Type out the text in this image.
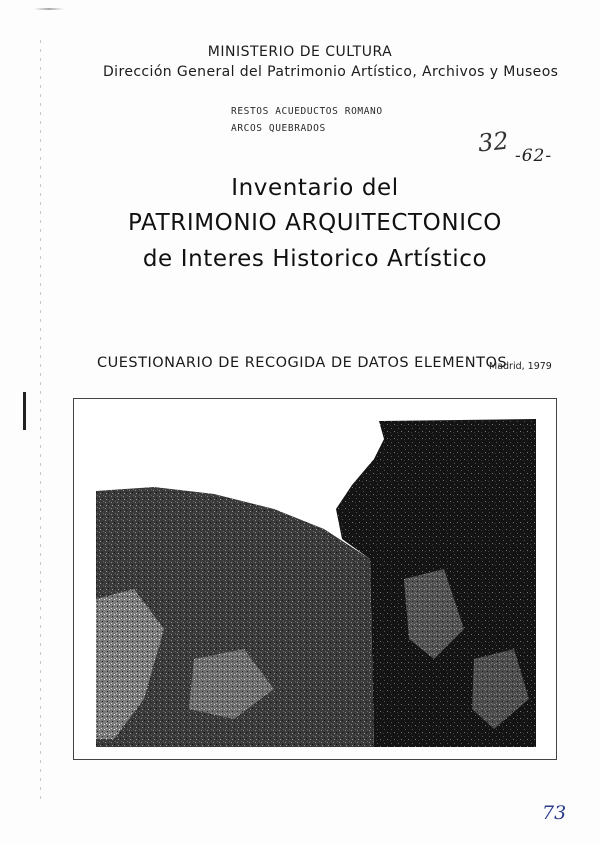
MINISTERIO DE CULTURA
Dirección General del Patrimonio Artístico, Archivos y Museos
RESTOS ACUEDUCTOS ROMANO
ARCOS QUEBRADOS	32 -62-
Inventario del
PATRIMONIO ARQUITECTONICO
de Interes Historico Artístico
CUESTIONARIO DE RECOGIDA DE DATOS ELEMENTOS
Madrid, 1979
73
